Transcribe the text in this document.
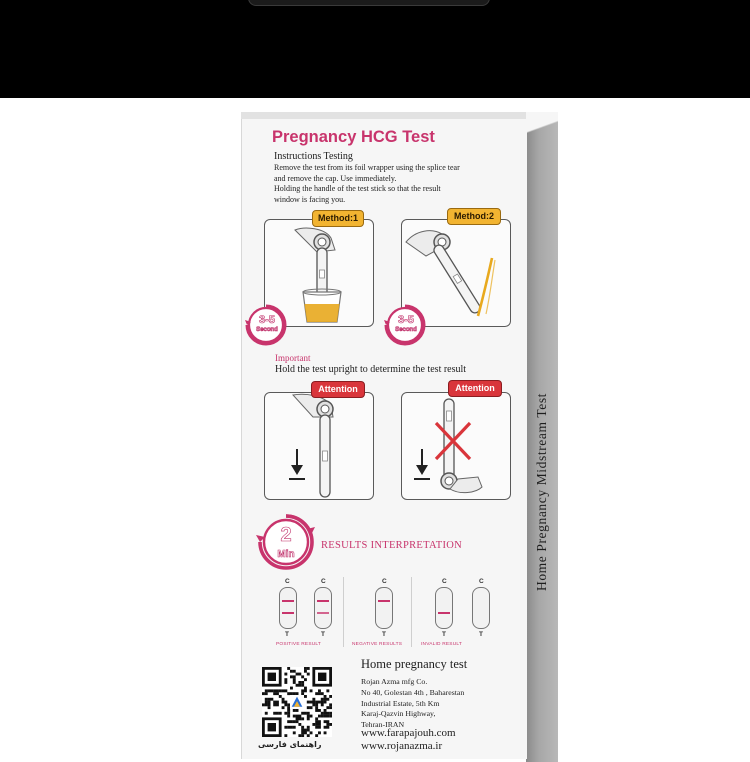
Home Pregnancy Midstream Test
Pregnancy HCG Test
Instructions Testing
Remove the test from its foil wrapper using the splice tear
and remove the cap. Use immediately.
Holding the handle of the test stick so that the result
window is facing you.
Method:1	Method:2
3-5
Second
3-5
Second
Important
Hold the test upright to determine the test result
Attention	Attention
2
Min
RESULTS INTERPRETATION
C
T
C
T
POSITIVE RESULT
C
T
NEGATIVE RESULTS
C
T
C
T
INVALID RESULT
راهنمای فارسی
Home pregnancy test
Rojan Azma mfg Co.
No 40, Golestan 4th , Baharestan
Industrial Estate, 5th Km
Karaj-Qazvin Highway,
Tehran-IRAN
www.farapajouh.com
www.rojanazma.ir
